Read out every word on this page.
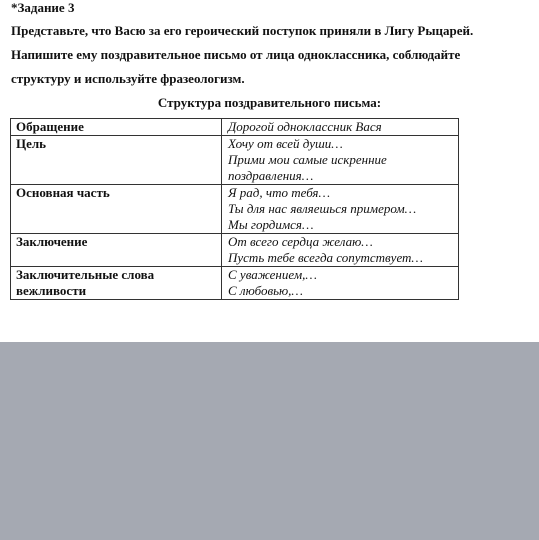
*Задание 3
Представьте, что Васю за его героический поступок приняли в Лигу Рыцарей.
Напишите ему поздравительное письмо от лица одноклассника, соблюдайте
структуру и используйте фразеологизм.
Структура поздравительного письма:
Обращение	Дорогой одноклассник Вася

Цель	Хочу от всей души…
Прими мои самые искренние
поздравления…

Основная часть	Я рад, что тебя…
Ты для нас являешься примером…
Мы гордимся…

Заключение	От всего сердца желаю…
Пусть тебе всегда сопутствует…

Заключительные слова
вежливости	С уважением,…
С любовью,…
